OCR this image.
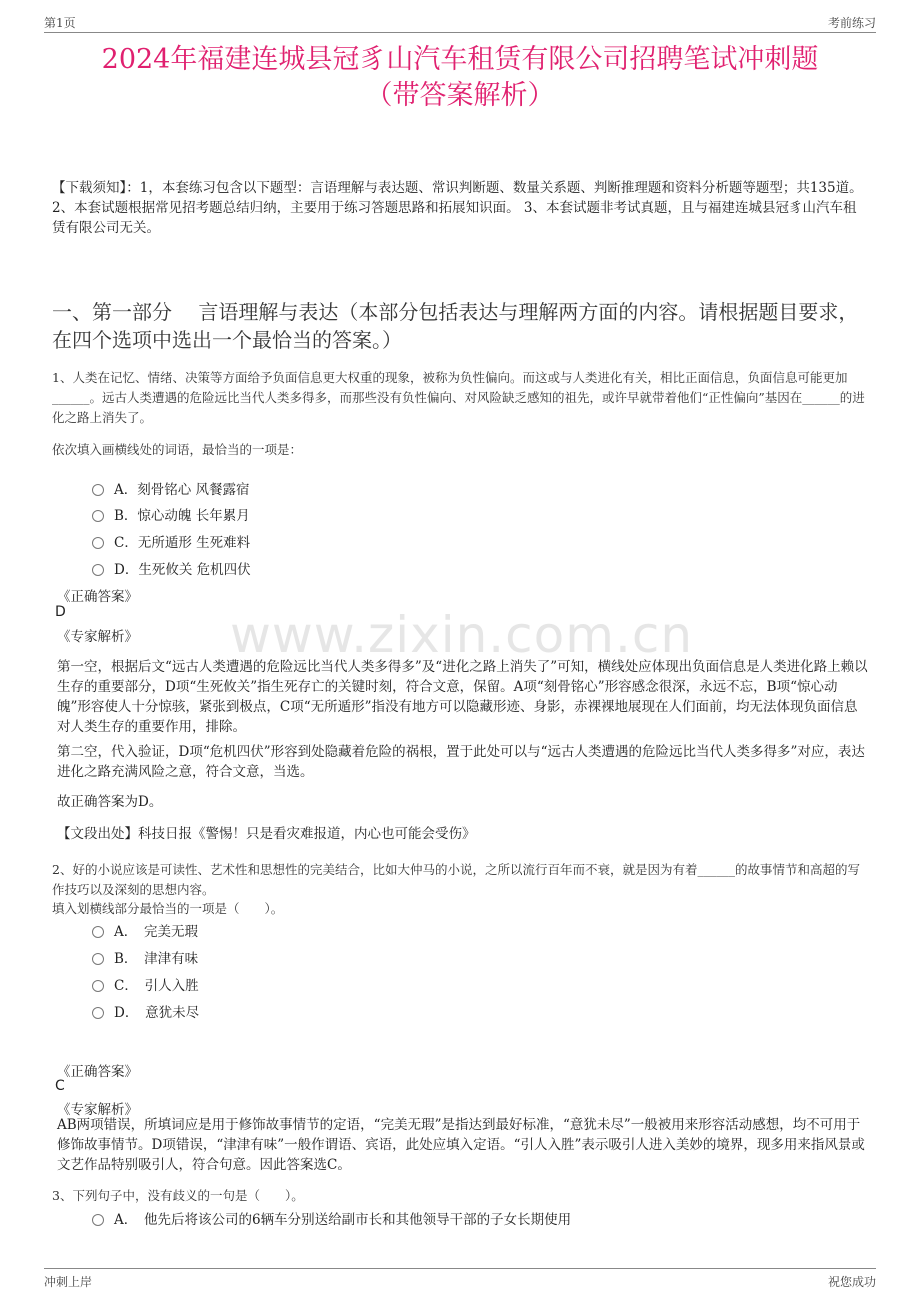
第1页	考前练习
2024年福建连城县冠豸山汽车租赁有限公司招聘笔试冲刺题
（带答案解析）
【下载须知】：1，本套练习包含以下题型：言语理解与表达题、常识判断题、数量关系题、判断推理题和资料分析题等题型；共135道。 2、本套试题根据常见招考题总结归纳，主要用于练习答题思路和拓展知识面。 3、本套试题非考试真题，且与福建连城县冠豸山汽车租赁有限公司无关。
一、第一部分　 言语理解与表达（本部分包括表达与理解两方面的内容。请根据题目要求，在四个选项中选出一个最恰当的答案。）
1、人类在记忆、情绪、决策等方面给予负面信息更大权重的现象，被称为负性偏向。而这或与人类进化有关，相比正面信息，负面信息可能更加______。远古人类遭遇的危险远比当代人类多得多，而那些没有负性偏向、对风险缺乏感知的祖先，或许早就带着他们“正性偏向”基因在______的进化之路上消失了。
依次填入画横线处的词语，最恰当的一项是：
A．刻骨铭心 风餐露宿
B．惊心动魄 长年累月
C．无所遁形 生死难料
D．生死攸关 危机四伏
《正确答案》
D
《专家解析》 www.zixin.com.cn
第一空，根据后文“远古人类遭遇的危险远比当代人类多得多”及“进化之路上消失了”可知，横线处应体现出负面信息是人类进化路上赖以生存的重要部分，D项“生死攸关”指生死存亡的关键时刻，符合文意，保留。A项“刻骨铭心”形容感念很深，永远不忘，B项“惊心动魄”形容使人十分惊骇，紧张到极点，C项“无所遁形”指没有地方可以隐藏形迹、身影，赤裸裸地展现在人们面前，均无法体现负面信息对人类生存的重要作用，排除。
第二空，代入验证，D项“危机四伏”形容到处隐藏着危险的祸根，置于此处可以与“远古人类遭遇的危险远比当代人类多得多”对应，表达进化之路充满风险之意，符合文意，当选。
故正确答案为D。
【文段出处】科技日报《警惕！只是看灾难报道，内心也可能会受伤》
2、好的小说应该是可读性、艺术性和思想性的完美结合，比如大仲马的小说，之所以流行百年而不衰，就是因为有着______的故事情节和高超的写作技巧以及深刻的思想内容。
填入划横线部分最恰当的一项是（　　）。
A．　完美无瑕
B．　津津有味
C．　引人入胜
D．　意犹未尽
《正确答案》
C
《专家解析》
AB两项错误，所填词应是用于修饰故事情节的定语，“完美无瑕”是指达到最好标准，“意犹未尽”一般被用来形容活动感想，均不可用于修饰故事情节。D项错误，“津津有味”一般作谓语、宾语，此处应填入定语。“引人入胜”表示吸引人进入美妙的境界，现多用来指风景或文艺作品特别吸引人，符合句意。因此答案选C。
3、下列句子中，没有歧义的一句是（　　）。
A．　他先后将该公司的6辆车分别送给副市长和其他领导干部的子女长期使用
冲刺上岸	祝您成功
